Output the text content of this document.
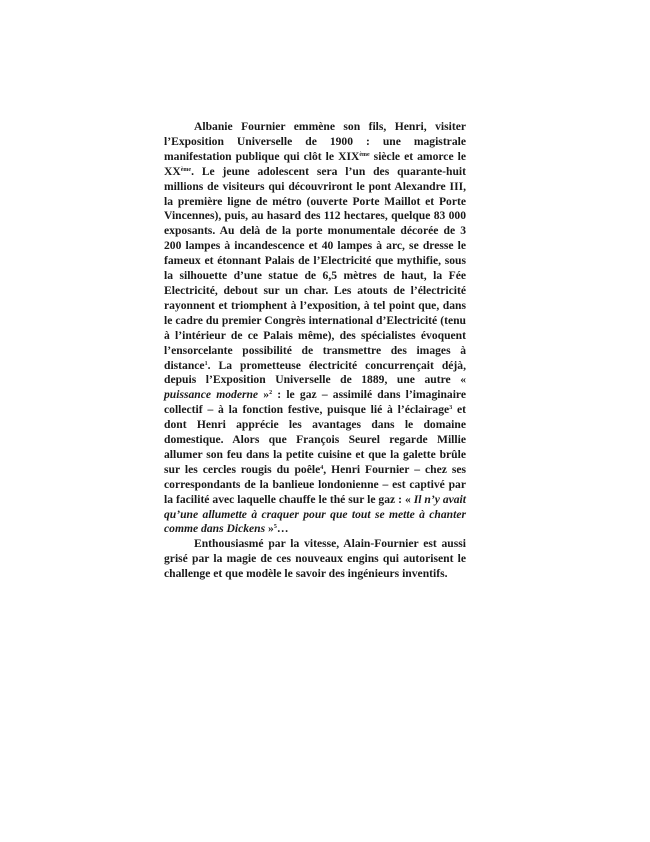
Albanie Fournier emmène son fils, Henri, visiter l’Exposition Universelle de 1900 : une magistrale manifestation publique qui clôt le XIXème siècle et amorce le XXème. Le jeune adolescent sera l’un des quarante-huit millions de visiteurs qui découvriront le pont Alexandre III, la première ligne de métro (ouverte Porte Maillot et Porte Vincennes), puis, au hasard des 112 hectares, quelque 83 000 exposants. Au delà de la porte monumentale décorée de 3 200 lampes à incandescence et 40 lampes à arc, se dresse le fameux et étonnant Palais de l’Electricité que mythifie, sous la silhouette d’une statue de 6,5 mètres de haut, la Fée Electricité, debout sur un char. Les atouts de l’électricité rayonnent et triomphent à l’exposition, à tel point que, dans le cadre du premier Congrès international d’Electricité (tenu à l’intérieur de ce Palais même), des spécialistes évoquent l’ensorcelante possibilité de transmettre des images à distance$^1$. La prometteuse électricité concurrençait déjà, depuis l’Exposition Universelle de 1889, une autre « puissance moderne »$^2$ : le gaz – assimilé dans l’imaginaire collectif – à la fonction festive, puisque lié à l’éclairage$^3$ et dont Henri apprécie les avantages dans le domaine domestique. Alors que François Seurel regarde Millie allumer son feu dans la petite cuisine et que la galette brûle sur les cercles rougis du poêle$^4$, Henri Fournier – chez ses correspondants de la banlieue londonienne – est captivé par la facilité avec laquelle chauffe le thé sur le gaz : « Il n’y avait qu’une allumette à craquer pour que tout se mette à chanter comme dans Dickens »$^5$…

Enthousiasmé par la vitesse, Alain-Fournier est aussi grisé par la magie de ces nouveaux engins qui autorisent le challenge et que modèle le savoir des ingénieurs inventifs.
